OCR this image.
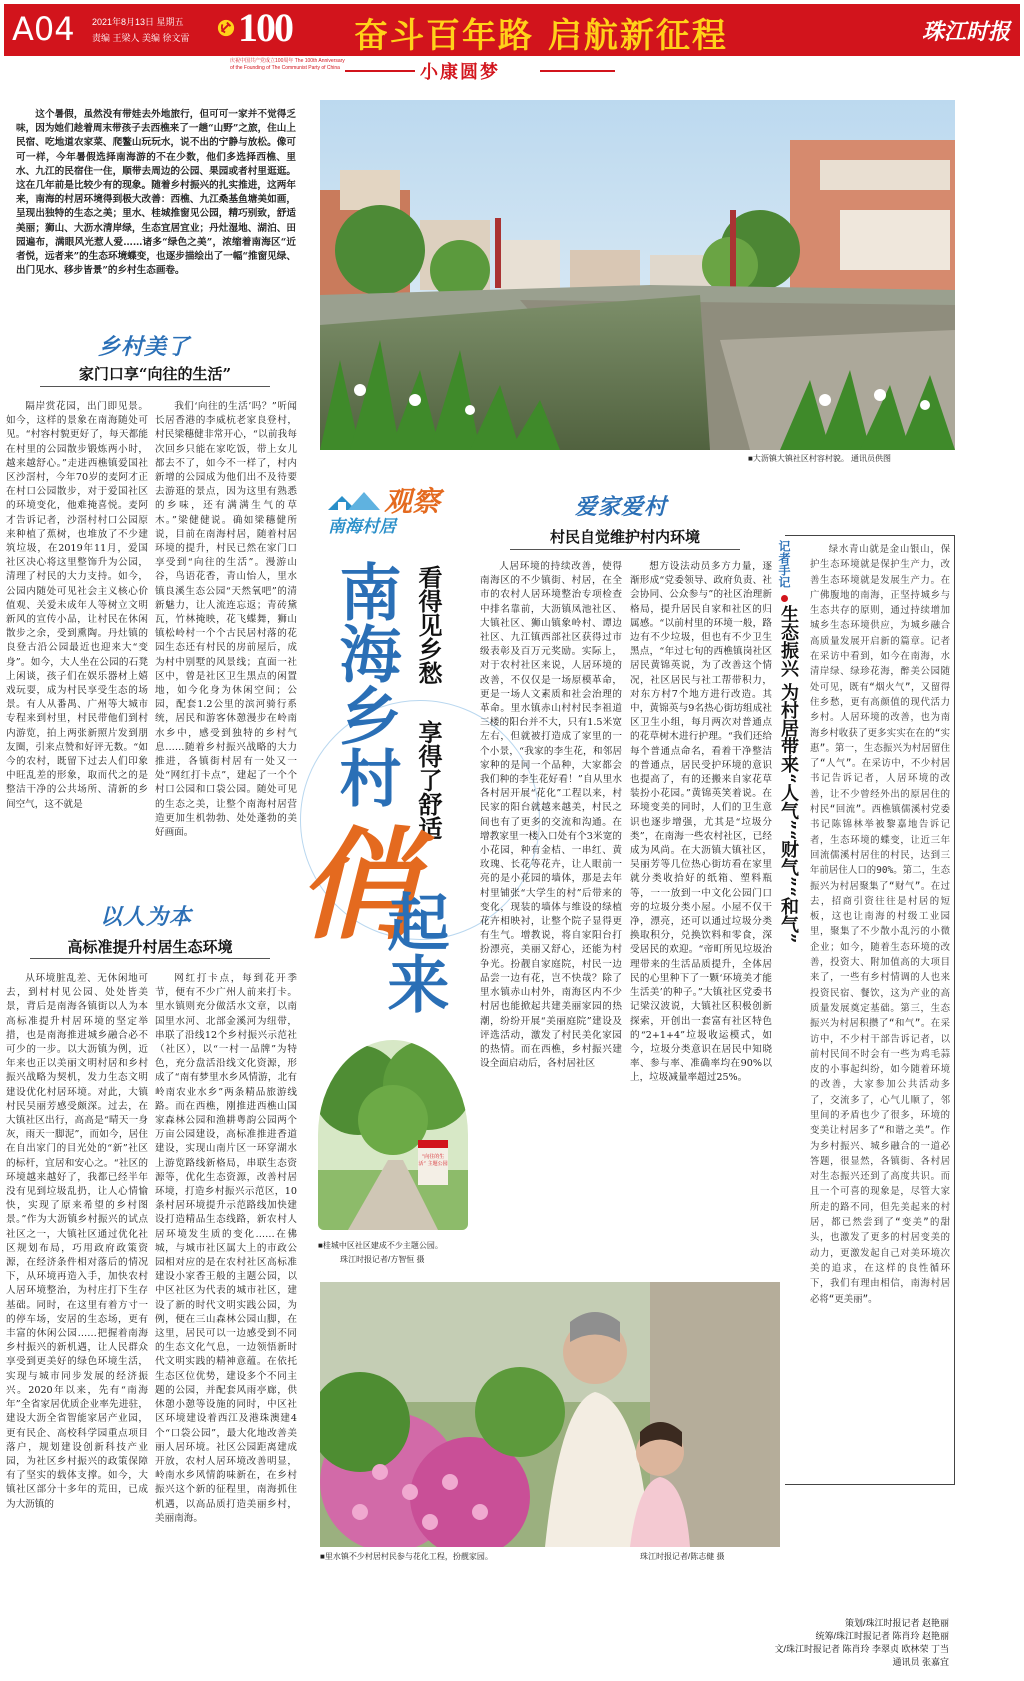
A04 2021年8月13日 星期五
责编 王梁人 美编 徐文雷 100 奋斗百年路 启航新征程	珠江时报
庆祝中国共产党成立100周年 The 100th Anniversary of the Founding of The Communist Party of China	小康圆梦
这个暑假，虽然没有带娃去外地旅行，但可可一家并不觉得乏味，因为她们趁着周末带孩子去西樵来了一趟“山野”之旅，住山上民宿、吃地道农家菜、爬鳌山玩玩水，说不出的宁静与放松。像可可一样，今年暑假选择南海游的不在少数，他们多选择西樵、里水、九江的民宿住一住，顺带去周边的公园、果园或者村里逛逛。这在几年前是比较少有的现象。随着乡村振兴的扎实推进，这两年来，南海的村居环境得到极大改善：西樵、九江桑基鱼塘美如画，呈现出独特的生态之美；里水、桂城推窗见公园，精巧别致，舒适美丽；狮山、大沥水清岸绿，生态宜居宜业；丹灶湿地、湖泊、田园遍布，满眼风光惹人爱……诸多“绿色之美”，浓缩着南海区“近者悦，远者来”的生态环境蝶变，也逐步描绘出了一幅“推窗见绿、出门见水、移步皆景”的乡村生态画卷。
■大沥镇大镇社区村容村貌。 通讯员供图
乡村美了
家门口享“向往的生活”
隔岸赏花园，出门即见景。如今，这样的景象在南海随处可见。“村容村貌更好了，每天都能在村里的公园散步锻炼两小时，越来越舒心。”走进西樵镇爱国社区沙滘村，今年70岁的麦阿才正在村口公园散步，对于爱国社区的环境变化，他难掩喜悦。麦阿才告诉记者，沙滘村村口公园原来种植了蕉树，也堆放了不少建筑垃圾，在2019年11月，爱国社区决心将这里整饰升为公园，清理了村民的大力支持。如今，公园内随处可见社会主义核心价值观、关爱未成年人等树立文明新风的宣传小品，让村民在休闲散步之余，受到熏陶。丹灶镇的良登古沿公园最近也迎来大“变身”。如今，大人坐在公园的石凳上闲谈，孩子们在娱乐器材上嬉戏玩耍，成为村民享受生态的场景。有人从番禺、广州等大城市专程来到村里，村民带他们到村内游览，拍上两张新照片发到朋友圈，引来点赞和好评无数。“如今的农村，既留下过去人们印象中旺乱差的形象，取而代之的是整洁干净的公共场所、清新的乡间空气，这不就是
我们‘向往的生活’吗？”听闻长居香港的李威杭老家良登村，村民梁穗健非常开心，“以前我每次回乡只能在家吃饭，带上女儿都去不了，如今不一样了，村内新增的公园成为他们出不及待要去游逛的景点，因为这里有熟悉的乡味，还有满满生气的草木。”梁健健说。确如梁穗健所说，目前在南海村居，随着村居环境的提升，村民已然在家门口享受到“向往的生活”。漫游山谷，鸟语花香，青山怡人，里水镇良溪生态公园“天然氧吧”的清新魅力，让人流连忘返；青砖黛瓦，竹林掩映，花飞蝶舞，狮山镇松岭村一个个古民居村落的花园生态还有村民的房前屋后，成为村中别墅的风景线；直面一社区中，曾是社区卫生黑点的闲置地，如今化身为休闲空间；公园，配套1.2公里的滨河骑行系统，居民和游客休憩漫步在岭南水乡中，感受到独特的乡村气息……随着乡村振兴战略的大力推进，各镇街村居有一处又一处“网红打卡点”，建起了一个个村口公园和口袋公园。随处可见的生态之美，让整个南海村居营造更加生机勃勃、处处蓬勃的美好画面。
以人为本
高标准提升村居生态环境
从环境脏乱差、无休闲地可去，到村村见公园、处处皆美景，背后是南海各镇街以人为本高标准提升村居环境的坚定举措，也是南海推进城乡融合必不可少的一步。以大沥镇为例，近年来也正以美丽文明村居和乡村振兴战略为契机，发力生态文明建设优化村居环境。对此，大镇村民吴丽芳感受颇深。过去，在大镇社区出行，高高是“晴天一身灰，雨天一脚泥”，而如今，居住在自出家门的目光处的“新”社区的标杆，宜居和安心之。“社区的环境越来越好了，我都已经半年没有见到垃圾乱扔，让人心情愉快，实现了原来希望的乡村图景。”作为大沥镇乡村振兴的试点社区之一，大镇社区通过优化社区规划布局，巧用政府政策资源，在经济条件相对落后的情况下，从环境再造入手，加快农村人居环境整治，为村庄打下生存基础。同时，在这里有着方寸一的停车场，安居的生态场，更有丰富的休闲公园……把握着南海乡村振兴的新机遇，让人民群众享受到更美好的绿色环境生活，实现与城市同步发展的经济振兴。2020年以来，先有“南海年”全省家居优质企业率先进驻，建设大沥全省智能家居产业园，更有民企、高校科学园重点项目落户，规划建设创新科技产业园，为社区乡村振兴的政策保障有了坚实的载体支撑。如今，大镇社区部分十多年的荒田，已成为大沥镇的
网红打卡点，每到花开季节，便有不少广州人前来打卡。里水镇则充分做活水文章，以南国里水河、北部金溪河为纽带，串联了沿线12个乡村振兴示范社（社区），以“一村一品牌”为特色，充分盘活沿线文化资源，形成了“南有梦里水乡风情游，北有岭南农业水乡”两条精品旅游线路。而在西樵，刚推进西樵山国家森林公园和渔耕粤韵公园两个万亩公园建设，高标准推进香道建设，实现山南片区一环穿湖水上游览路线新格局，串联生态资源等，优化生态资源，改善村居环境，打造乡村振兴示范区，10条村居环境提升示范路线加快建设打造精品生态线路，新农村人居环境发生质的变化……在佛城，与城市社区属大上的市政公园相对应的是在农村社区高标准建设小家香王般的主题公园，以中区社区为代表的城市社区，建设了新的时代文明实践公园，为例，便在三山森林公园山脚，在这里，居民可以一边感受到不同的生态文化气息，一边领悟新时代文明实践的精神意蕴。在依托生态区位优势，建设多个不同主题的公园，并配套风雨亭廊，供休憩小憩等设施的同时，中区社区环境建设着西江及港珠澳建4个“口袋公园”，最大化地改善美丽人居环境。社区公园距离建成开放，农村人居环境改善明显，岭南水乡风情韵味新在，在乡村振兴这个新的征程里，南海抓住机遇，以高品质打造美丽乡村，美丽南海。
观察
南海村居
南海乡村 看得见乡愁
享得了舒适
俏
起来
“向往的生活” 主题公园
■桂城中区社区建成不少主题公园。
珠江时报记者/方智恒 摄
爱家爱村
村民自觉维护村内环境
人居环境的持续改善，使得南海区的不少镇街、村居，在全市的农村人居环境整治专项检查中排名靠前，大沥镇凤池社区、大镇社区、狮山镇象岭村、谭边社区、九江镇西部社区获得过市级表彰及百万元奖励。实际上，对于农村社区来说，人居环境的改善，不仅仅是一场原模革命，更是一场人文素质和社会治理的革命。里水镇赤山村村民李祖道三楼的阳台并不大，只有1.5米宽左右，但就被打造成了家里的一个小景，“我家的李生花，和邻居家种的是同一个品种，大家都会我们种的李生花好看！”自从里水各村居开展“花化”工程以来，村民家的阳台就越来越美，村民之间也有了更多的交流和沟通。在增教家里一楼入口处有个3米宽的小花园，种有金桔、一串红、黄玫瑰、长花等花卉，让人眼前一亮的是小花园的墙体，那是去年村里铺张“大学生的村”后带来的变化，现装的墙体与维设的绿植花卉相映衬，让整个院子显得更有生气。增教说，将自家阳台打扮漂亮，美丽又舒心，还能为村争光。扮靓自家庭院，村民一边品尝一边有花，岂不快哉？除了里水镇赤山村外，南海区内不少村居也能掀起共建美丽家园的热潮，纷纷开展“美丽庭院”建设及评选活动，激发了村民美化家园的热情。而在西樵，乡村振兴建设全面启动后，各村居社区
想方设法动员多方力量，逐渐形成“党委领导、政府负责、社会协同、公众参与”的社区治理新格局，提升居民自家和社区的归属感。“以前村里的环境一般，路边有不少垃圾，但也有不少卫生黑点，“年过七旬的西樵镇岗社区居民黄锦英说，为了改善这个情况，社区居民与社工帮带积力，对东方村7个地方进行改造。其中，黄锦英与9名热心街坊组成社区卫生小组，每月两次对普通点的花草树木进行护理。“我们还给每个普通点命名，看着干净整洁的普通点，居民受护环境的意识也提高了，有的还搬来自家花草装扮小花园。”黄锦英笑着说。在环境变美的同时，人们的卫生意识也逐步增强，尤其是“垃圾分类”，在南海一些农村社区，已经成为风尚。在大沥镇大镇社区，吴丽芳等几位热心街坊看在家里就分类收拾好的纸箱、塑料瓶等，一一放到一中文化公园门口旁的垃圾分类小屋。小屋不仅干净，漂亮，还可以通过垃圾分类换取积分，兑换饮料和零食，深受居民的欢迎。“帝町所见垃圾治理带来的生活品质提升，全体居民的心里种下了一颗‘环境美才能生活美’的种子。”大镇社区党委书记梁汉波说，大镇社区积极创新探索，开创出一套富有社区特色的“2+1+4”垃圾收运模式，如今，垃圾分类意识在居民中知晓率、参与率、准确率均在90%以上，垃圾减量率超过25%。
记者手记
生态振兴 为村居带来“人气”“财气”“和气”
绿水青山就是金山银山，保护生态环境就是保护生产力，改善生态环境就是发展生产力。在广佛腹地的南海，正坚持城乡与生态共存的原则，通过持续增加城乡生态环境供应，为城乡融合高质量发展开启新的篇章。记者在采访中看到，如今在南海，水清岸绿、绿珍花海，醉美公园随处可见，既有“烟火气”，又留得住乡愁，更有高颜值的现代活力乡村。人居环境的改善，也为南海乡村收获了更多实实在在的“实惠”。第一，生态振兴为村居留住了“人气”。在采访中，不少村居书记告诉记者，人居环境的改善，让不少曾经外出的原居住的村民“回流”。西樵镇儒溪村党委书记陈锦林举被黎嘉地告诉记者，生态环境的蝶变，让近三年回流儒溪村居住的村民，达到三年前居住人口的90%。第二，生态振兴为村居聚集了“财气”。在过去，招商引资往往是村居的短板，这也让南海的村级工业园里，聚集了不少散小乱污的小微企业；如今，随着生态环境的改善，投资大、附加值高的大项目来了，一些有乡村情调的人也来投资民宿、餐饮，这为产业的高质量发展奠定基础。第三，生态振兴为村居积攒了“和气”。在采访中，不少村干部告诉记者，以前村民间不时会有一些为鸡毛蒜皮的小事起纠纷，如今随着环境的改善，大家参加公共活动多了，交流多了，心气儿顺了，邻里间的矛盾也少了很多，环境的变美让村居多了“和谐之美”。作为乡村振兴、城乡融合的一道必答题，很显然，各镇街、各村居对生态振兴还到了高度共识。而且一个可喜的现象是，尽管大家所走的路不同，但先美起来的村居，都已然尝到了“变美”的甜头，也激发了更多的村居变美的动力，更激发起自己对美环境次美的追求，在这样的良性循环下，我们有理由相信，南海村居必将“更美丽”。
■里水镇不少村居村民参与花化工程，扮靓家园。	珠江时报记者/陈志健 摄
策划/珠江时报记者 赵艳丽
统筹/珠江时报记者 陈肖玲 赵艳丽
文/珠江时报记者 陈肖玲 李翠贞 欧林荣 丁当
通讯员 张嘉宜
